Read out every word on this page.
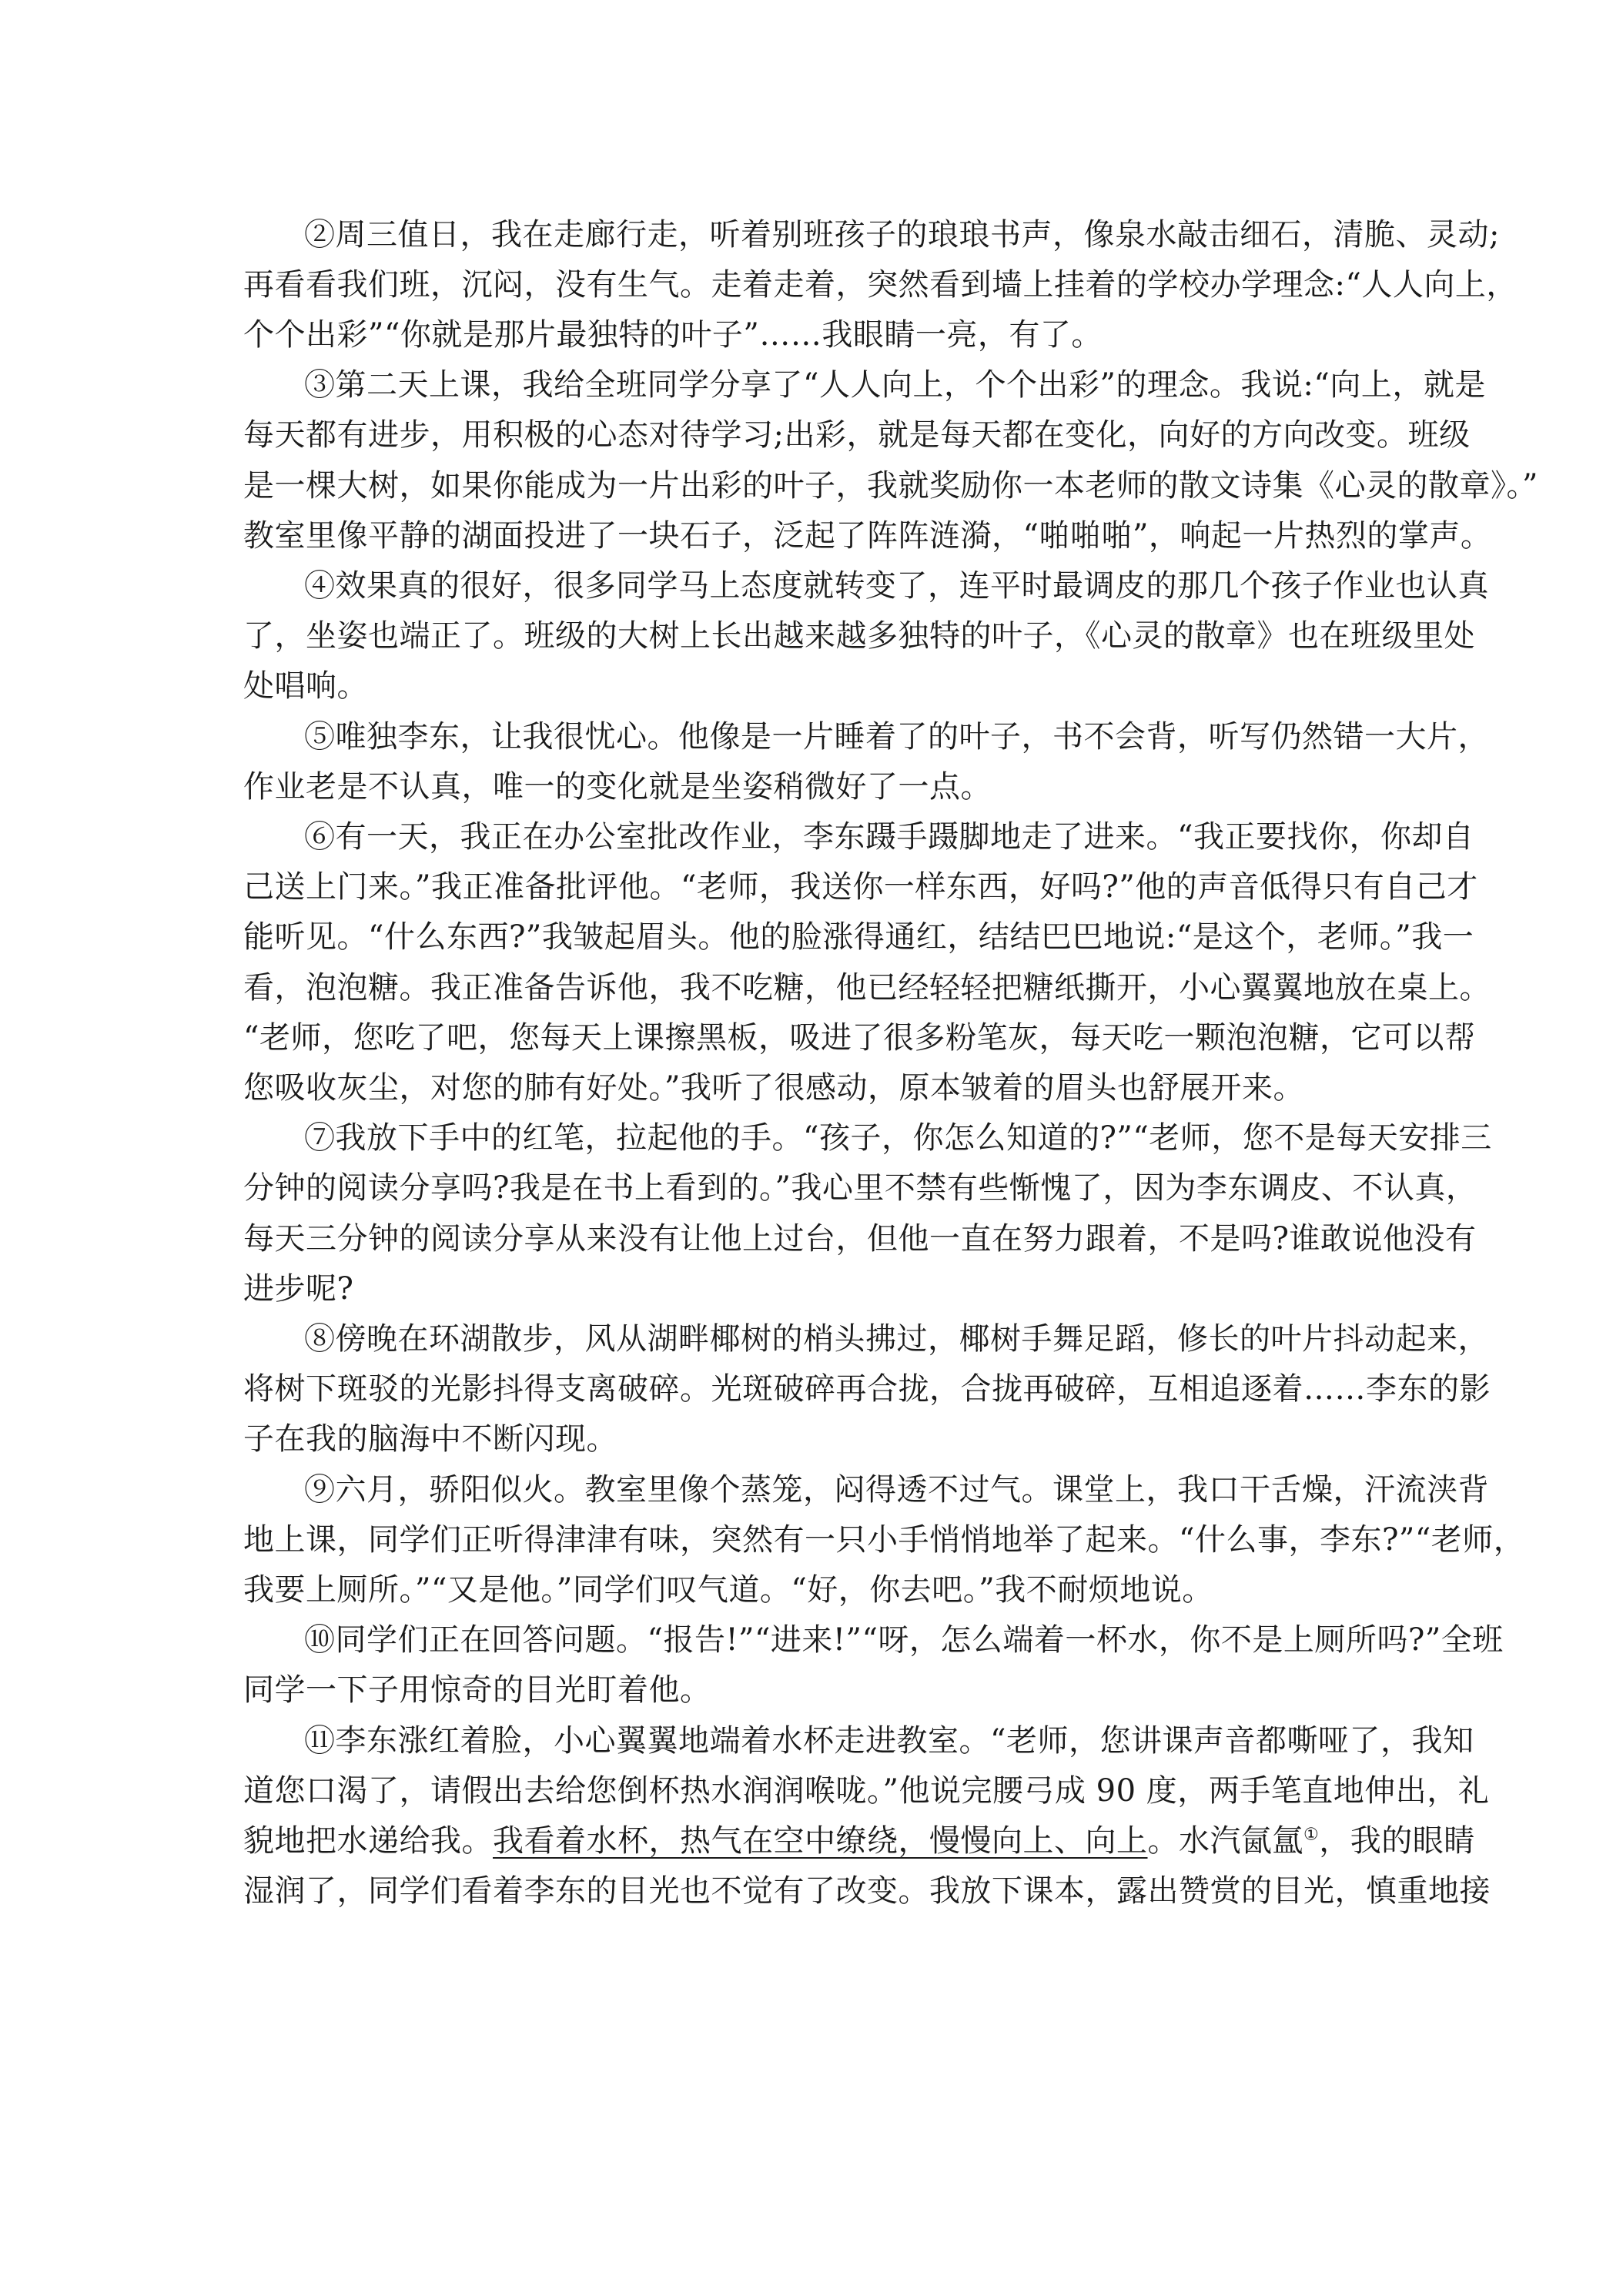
②周三值日，我在走廊行走，听着别班孩子的琅琅书声，像泉水敲击细石，清脆、灵动;

再看看我们班，沉闷，没有生气。走着走着，突然看到墙上挂着的学校办学理念:“人人向上，

个个出彩”“你就是那片最独特的叶子”……我眼睛一亮，有了。

③第二天上课，我给全班同学分享了“人人向上，个个出彩”的理念。我说:“向上，就是

每天都有进步，用积极的心态对待学习;出彩，就是每天都在变化，向好的方向改变。班级

是一棵大树，如果你能成为一片出彩的叶子，我就奖励你一本老师的散文诗集《心灵的散章》。”

教室里像平静的湖面投进了一块石子，泛起了阵阵涟漪，“啪啪啪”，响起一片热烈的掌声。

④效果真的很好，很多同学马上态度就转变了，连平时最调皮的那几个孩子作业也认真

了，坐姿也端正了。班级的大树上长出越来越多独特的叶子，《心灵的散章》也在班级里处

处唱响。

⑤唯独李东，让我很忧心。他像是一片睡着了的叶子，书不会背，听写仍然错一大片，

作业老是不认真，唯一的变化就是坐姿稍微好了一点。

⑥有一天，我正在办公室批改作业，李东蹑手蹑脚地走了进来。“我正要找你，你却自

己送上门来。”我正准备批评他。“老师，我送你一样东西，好吗?”他的声音低得只有自己才

能听见。“什么东西?”我皱起眉头。他的脸涨得通红，结结巴巴地说:“是这个，老师。”我一

看，泡泡糖。我正准备告诉他，我不吃糖，他已经轻轻把糖纸撕开，小心翼翼地放在桌上。

“老师，您吃了吧，您每天上课擦黑板，吸进了很多粉笔灰，每天吃一颗泡泡糖，它可以帮

您吸收灰尘，对您的肺有好处。”我听了很感动，原本皱着的眉头也舒展开来。

⑦我放下手中的红笔，拉起他的手。“孩子，你怎么知道的?”“老师，您不是每天安排三

分钟的阅读分享吗?我是在书上看到的。”我心里不禁有些惭愧了，因为李东调皮、不认真，

每天三分钟的阅读分享从来没有让他上过台，但他一直在努力跟着，不是吗?谁敢说他没有

进步呢?

⑧傍晚在环湖散步，风从湖畔椰树的梢头拂过，椰树手舞足蹈，修长的叶片抖动起来，

将树下斑驳的光影抖得支离破碎。光斑破碎再合拢，合拢再破碎，互相追逐着……李东的影

子在我的脑海中不断闪现。

⑨六月，骄阳似火。教室里像个蒸笼，闷得透不过气。课堂上，我口干舌燥，汗流浃背

地上课，同学们正听得津津有味，突然有一只小手悄悄地举了起来。“什么事，李东?”“老师，

我要上厕所。”“又是他。”同学们叹气道。“好，你去吧。”我不耐烦地说。

⑩同学们正在回答问题。“报告!”“进来!”“呀，怎么端着一杯水，你不是上厕所吗?”全班

同学一下子用惊奇的目光盯着他。

⑪李东涨红着脸，小心翼翼地端着水杯走进教室。“老师，您讲课声音都嘶哑了，我知

道您口渴了，请假出去给您倒杯热水润润喉咙。”他说完腰弓成 90 度，两手笔直地伸出，礼

貌地把水递给我。我看着水杯，热气在空中缭绕，慢慢向上、向上。水汽氤氲①，我的眼睛

湿润了，同学们看着李东的目光也不觉有了改变。我放下课本，露出赞赏的目光，慎重地接
